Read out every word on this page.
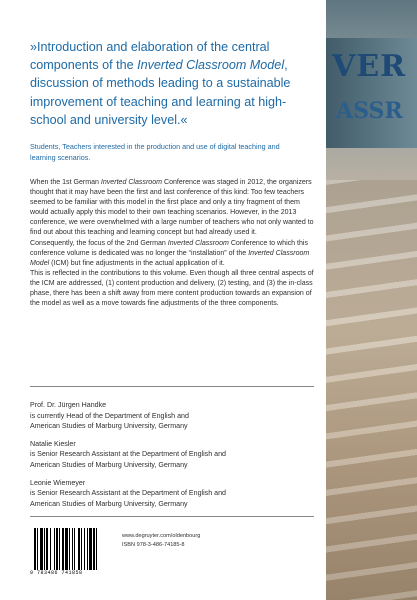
VER
ASSR
»Introduction and elaboration of the central
components of the Inverted Classroom Model,
discussion of methods leading to a sustainable
improvement of teaching and learning at high-
school and university level.«
Students, Teachers interested in the production and use of digital teaching and
learning scenarios.

When the 1st German Inverted Classroom Conference was staged in 2012, the organizers thought that it may have been the first and last conference of this kind: Too few teachers seemed to be familiar with this model in the first place and only a tiny fragment of them would actually apply this model to their own teaching scenarios. However, in the 2013 conference, we were overwhelmed with a large number of teachers who not only wanted to find out about this teaching and learning concept but had already used it.

Consequently, the focus of the 2nd German Inverted Classroom Conference to which this conference volume is dedicated was no longer the “installation” of the Inverted Classroom Model (ICM) but fine adjustments in the actual application of it.

This is reflected in the contributions to this volume. Even though all three central aspects of the ICM are addressed, (1) content production and delivery, (2) testing, and (3) the in-class phase, there has been a shift away from mere content production towards an expansion of the model as well as a move towards fine adjustments of the three components.

Prof. Dr. Jürgen Handke
is currently Head of the Department of English and
American Studies of Marburg University, Germany
Natalie Kiesler
is Senior Research Assistant at the Department of English and
American Studies of Marburg University, Germany
Leonie Wiemeyer
is Senior Research Assistant at the Department of English and
American Studies of Marburg University, Germany
9 783486 741858
www.degruyter.com/oldenbourg
ISBN 978-3-486-74185-8
